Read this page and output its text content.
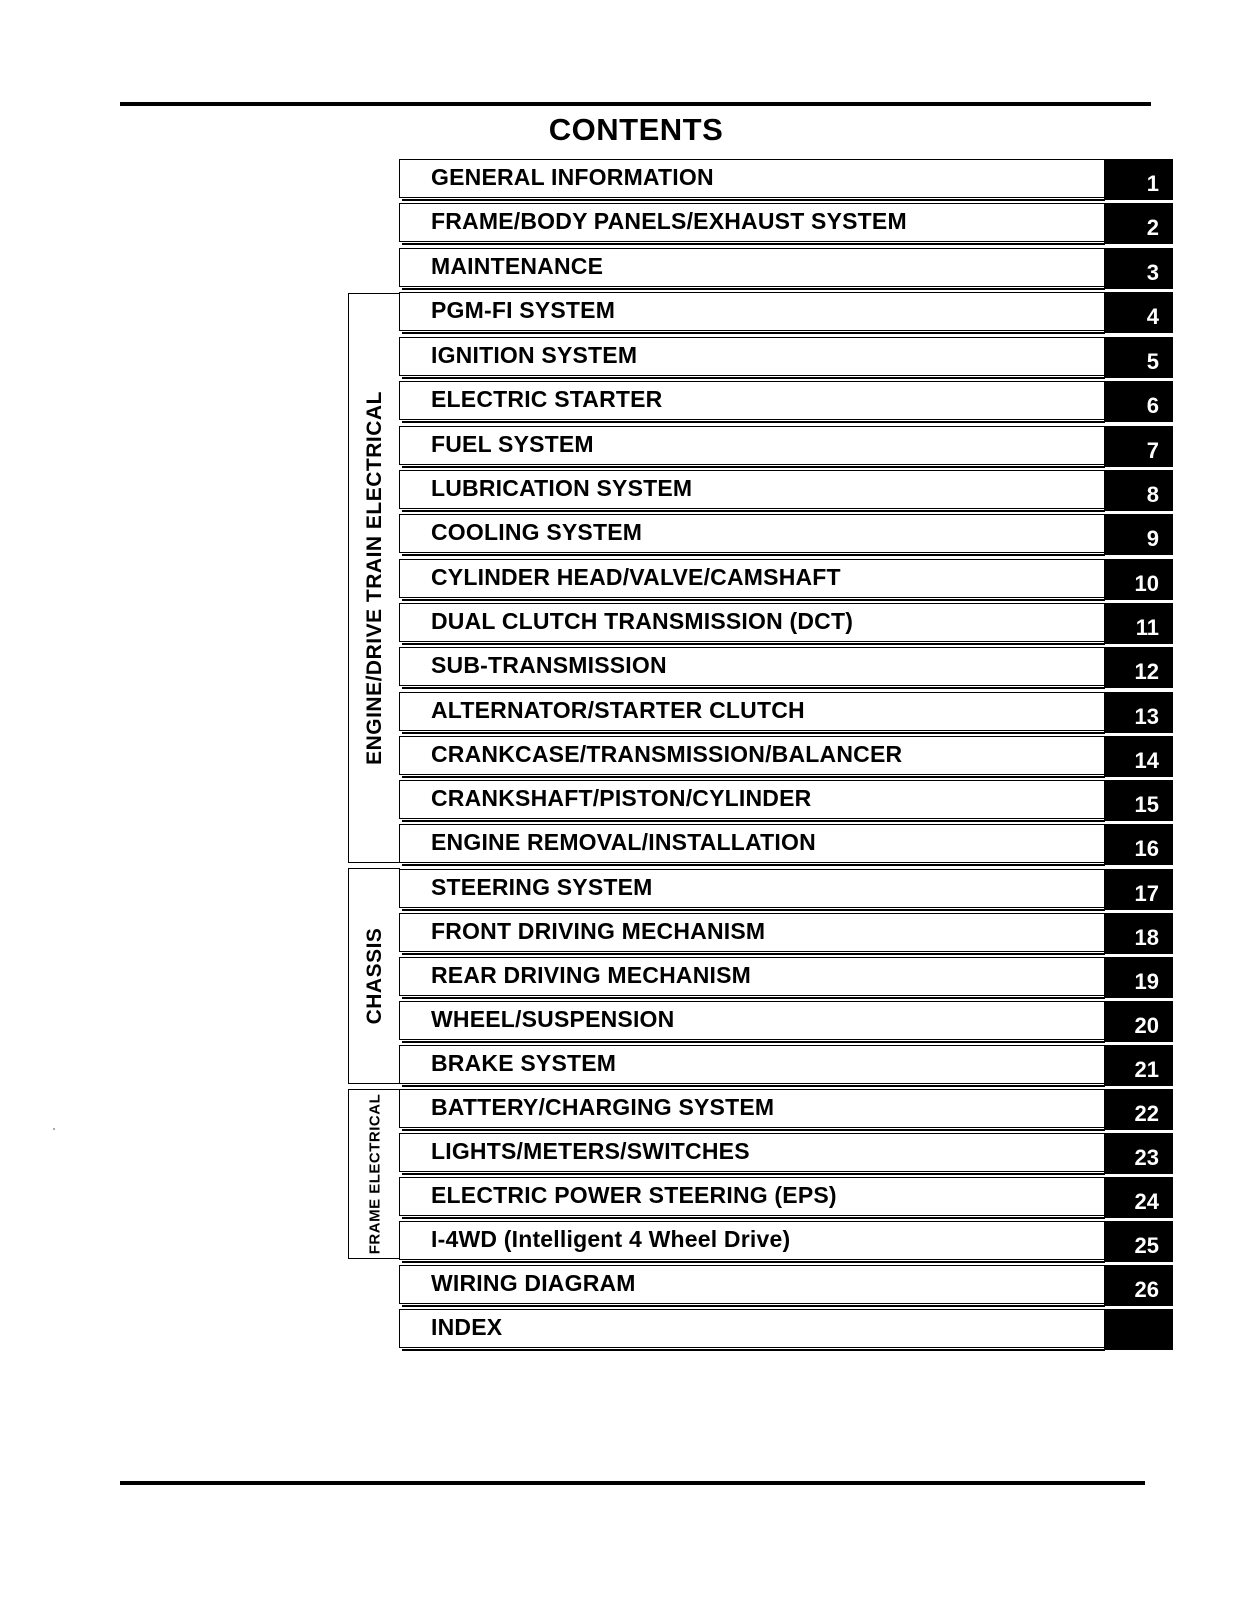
CONTENTS
ENGINE/DRIVE TRAIN ELECTRICAL
CHASSIS
FRAME ELECTRICAL
GENERAL INFORMATION	1
FRAME/BODY PANELS/EXHAUST SYSTEM	2
MAINTENANCE	3
PGM-FI SYSTEM	4
IGNITION SYSTEM	5
ELECTRIC STARTER	6
FUEL SYSTEM	7
LUBRICATION SYSTEM	8
COOLING SYSTEM	9
CYLINDER HEAD/VALVE/CAMSHAFT	10
DUAL CLUTCH TRANSMISSION (DCT)	11
SUB-TRANSMISSION	12
ALTERNATOR/STARTER CLUTCH	13
CRANKCASE/TRANSMISSION/BALANCER	14
CRANKSHAFT/PISTON/CYLINDER	15
ENGINE REMOVAL/INSTALLATION	16
STEERING SYSTEM	17
FRONT DRIVING MECHANISM	18
REAR DRIVING MECHANISM	19
WHEEL/SUSPENSION	20
BRAKE SYSTEM	21
BATTERY/CHARGING SYSTEM	22
LIGHTS/METERS/SWITCHES	23
ELECTRIC POWER STEERING (EPS)	24
I-4WD (Intelligent 4 Wheel Drive)	25
WIRING DIAGRAM	26
INDEX
